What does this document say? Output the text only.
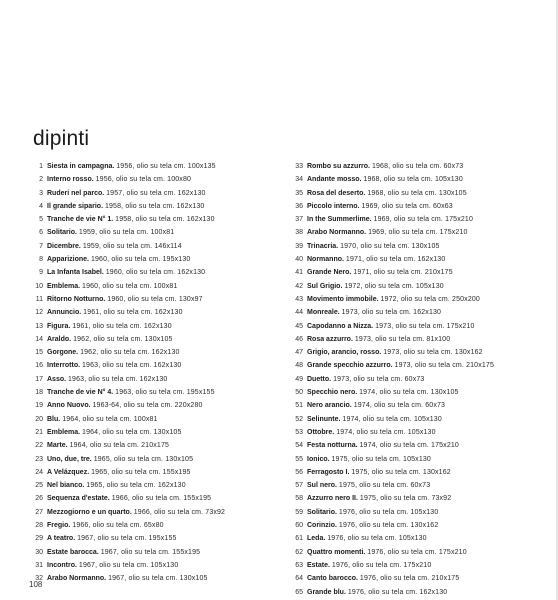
dipinti
1 Siesta in campagna. 1956, olio su tela cm. 100x135
2 Interno rosso. 1956, olio su tela cm. 100x80
3 Ruderi nel parco. 1957, olio su tela cm. 162x130
4 Il grande sipario. 1958, olio su tela cm. 162x130
5 Tranche de vie N° 1. 1958, olio su tela cm. 162x130
6 Solitario. 1959, olio su tela cm. 100x81
7 Dicembre. 1959, olio su tela cm. 146x114
8 Apparizione. 1960, olio su tela cm. 195x130
9 La Infanta Isabel. 1960, olio su tela cm. 162x130
10 Emblema. 1960, olio su tela cm. 100x81
11 Ritorno Notturno. 1960, olio su tela cm. 130x97
12 Annuncio. 1961, olio su tela cm. 162x130
13 Figura. 1961, olio su tela cm. 162x130
14 Araldo. 1962, olio su tela cm. 130x105
15 Gorgone. 1962, olio su tela cm. 162x130
16 Interrotto. 1963, olio su tela cm. 162x130
17 Asso. 1963, olio su tela cm. 162x130
18 Tranche de vie N° 4. 1963, olio su tela cm. 195x155
19 Anno Nuovo. 1963-64, olio su tela cm. 220x280
20 Blu. 1964, olio su tela cm. 100x81
21 Emblema. 1964, olio su tela cm. 130x105
22 Marte. 1964, olio su tela cm. 210x175
23 Uno, due, tre. 1965, olio su tela cm. 130x105
24 A Velázquez. 1965, olio su tela cm. 155x195
25 Nel bianco. 1965, olio su tela cm. 162x130
26 Sequenza d'estate. 1966, olio su tela cm. 155x195
27 Mezzogiorno e un quarto. 1966, olio su tela cm. 73x92
28 Fregio. 1966, olio su tela cm. 65x80
29 A teatro. 1967, olio su tela cm. 195x155
30 Estate barocca. 1967, olio su tela cm. 155x195
31 Incontro. 1967, olio su tela cm. 105x130
32 Arabo Normanno. 1967, olio su tela cm. 130x105
33 Rombo su azzurro. 1968, olio su tela cm. 60x73
34 Andante mosso. 1968, olio su tela cm. 105x130
35 Rosa del deserto. 1968, olio su tela cm. 130x105
36 Piccolo interno. 1969, olio su tela cm. 60x63
37 In the Summerlime. 1969, olio su tela cm. 175x210
38 Arabo Normanno. 1969, olio su tela cm. 175x210
39 Trinacria. 1970, olio su tela cm. 130x105
40 Normanno. 1971, olio su tela cm. 162x130
41 Grande Nero. 1971, olio su tela cm. 210x175
42 Sul Grigio. 1972, olio su tela cm. 105x130
43 Movimento immobile. 1972, olio su tela cm. 250x200
44 Monreale. 1973, olio su tela cm. 162x130
45 Capodanno a Nizza. 1973, olio su tela cm. 175x210
46 Rosa azzurro. 1973, olio su tela cm. 81x100
47 Grigio, arancio, rosso. 1973, olio su tela cm. 130x162
48 Grande specchio azzurro. 1973, olio su tela cm. 210x175
49 Duetto. 1973, olio su tela cm. 60x73
50 Specchio nero. 1974, olio su tela cm. 130x105
51 Nero arancio. 1974, olio su tela cm. 60x73
52 Selinunte. 1974, olio su tela cm. 105x130
53 Ottobre. 1974, olio su tela cm. 105x130
54 Festa notturna. 1974, olio su tela cm. 175x210
55 Ionico. 1975, olio su tela cm. 105x130
56 Ferragosto I. 1975, olio su tela cm. 130x162
57 Sul nero. 1975, olio su tela cm. 60x73
58 Azzurro nero II. 1975, olio su tela cm. 73x92
59 Solitario. 1976, olio su tela cm. 105x130
60 Corinzio. 1976, olio su tela cm. 130x162
61 Leda. 1976, olio su tela cm. 105x130
62 Quattro momenti. 1976, olio su tela cm. 175x210
63 Estate. 1976, olio su tela cm. 175x210
64 Canto barocco. 1976, olio su tela cm. 210x175
65 Grande blu. 1976, olio su tela cm. 162x130
108
